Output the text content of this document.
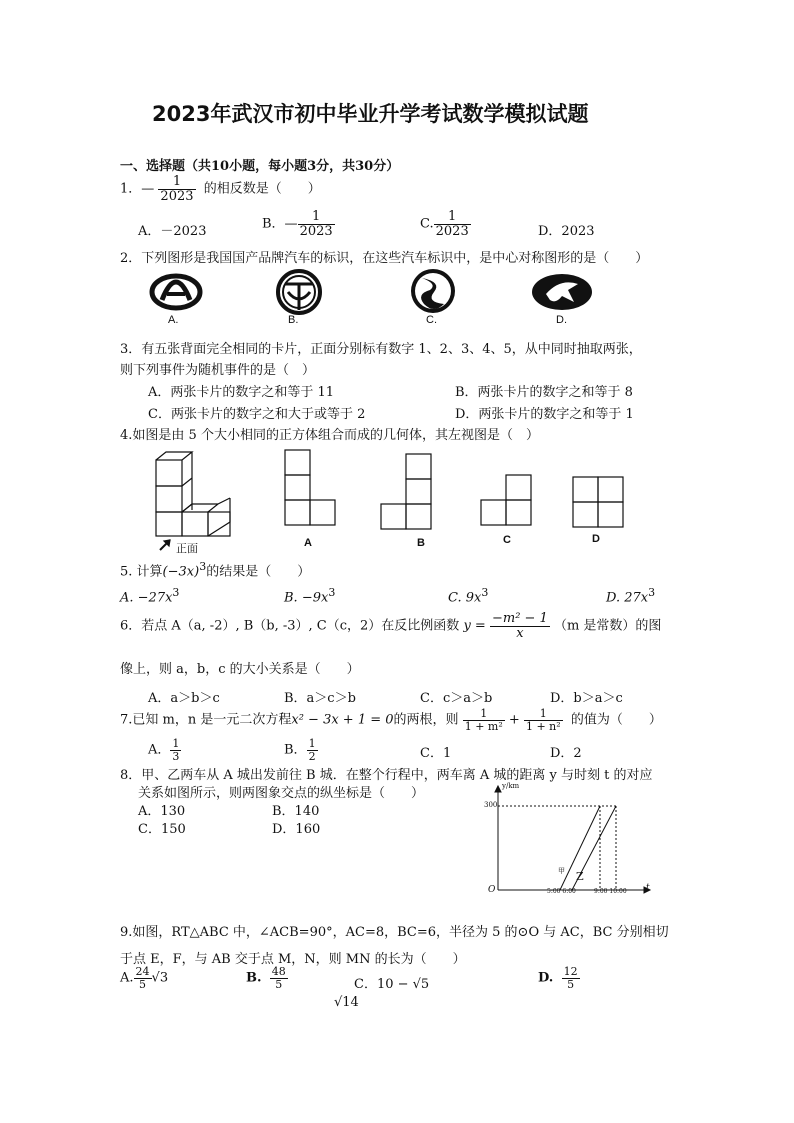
2023年武汉市初中毕业升学考试数学模拟试题
一、选择题（共10小题，每小题3分，共30分）
1．— $\frac{1}{2023}$ 的相反数是（　　）
A．－2023	B．— $\frac{1}{2023}$	C. $\frac{1}{2023}$	D．2023
2．下列图形是我国国产品牌汽车的标识，在这些汽车标识中，是中心对称图形的是（　　）
A.	B.	C.	D.
3．有五张背面完全相同的卡片，正面分别标有数字 1、2、3、4、5，从中同时抽取两张，
则下列事件为随机事件的是（　）
A．两张卡片的数字之和等于 11	B．两张卡片的数字之和等于 8
C．两张卡片的数字之和大于或等于 2	D．两张卡片的数字之和等于 1
4.如图是由 5 个大小相同的正方体组合而成的几何体，其左视图是（　）
正面	A	B	C	D
5. 计算$(-3x)^3$的结果是（　　）
A. $-27x^3$	B. $-9x^3$	C. $9x^3$	D. $27x^3$
6．若点 A（a, -2）, B（b, -3）, C（c，2）在反比例函数 $y = \frac{\text{−m² − 1}}{x} (m$ 是常数）的图
像上，则 a，b，c 的大小关系是（　　）
A．a＞b＞c	B．a＞c＞b	C．c＞a＞b	D．b＞a＞c
7.已知 m，n 是一元二次方程x² − 3x + 1 = 0的两根，则 $\frac{1}{\text{1 + m²}} + \frac{1}{\text{1 + n²}}$ 的值为（　　）
A． $\frac{1}{3}$	B． $\frac{1}{2}$	C．1	D．2
8．甲、乙两车从 A 城出发前往 B 城．在整个行程中，两车离 A 城的距离 y 与时刻 t 的对应
关系如图所示，则两图象交点的纵坐标是（　　）
A．130	B．140
C．150	D．160
y/km
300
O	t
5:00 6:00	9:00 10:00
甲 Z
9.如图，RT△ABC 中，∠ACB=90°，AC=8，BC=6，半径为 5 的⊙O 与 AC，BC 分别相切
于点 E，F，与 AB 交于点 M，N，则 MN 的长为（　　）
A. $\frac{24}{5} √3$	B. $\frac{48}{5}$	C．10 − √5	D. $\frac{12}{5}$
√14
